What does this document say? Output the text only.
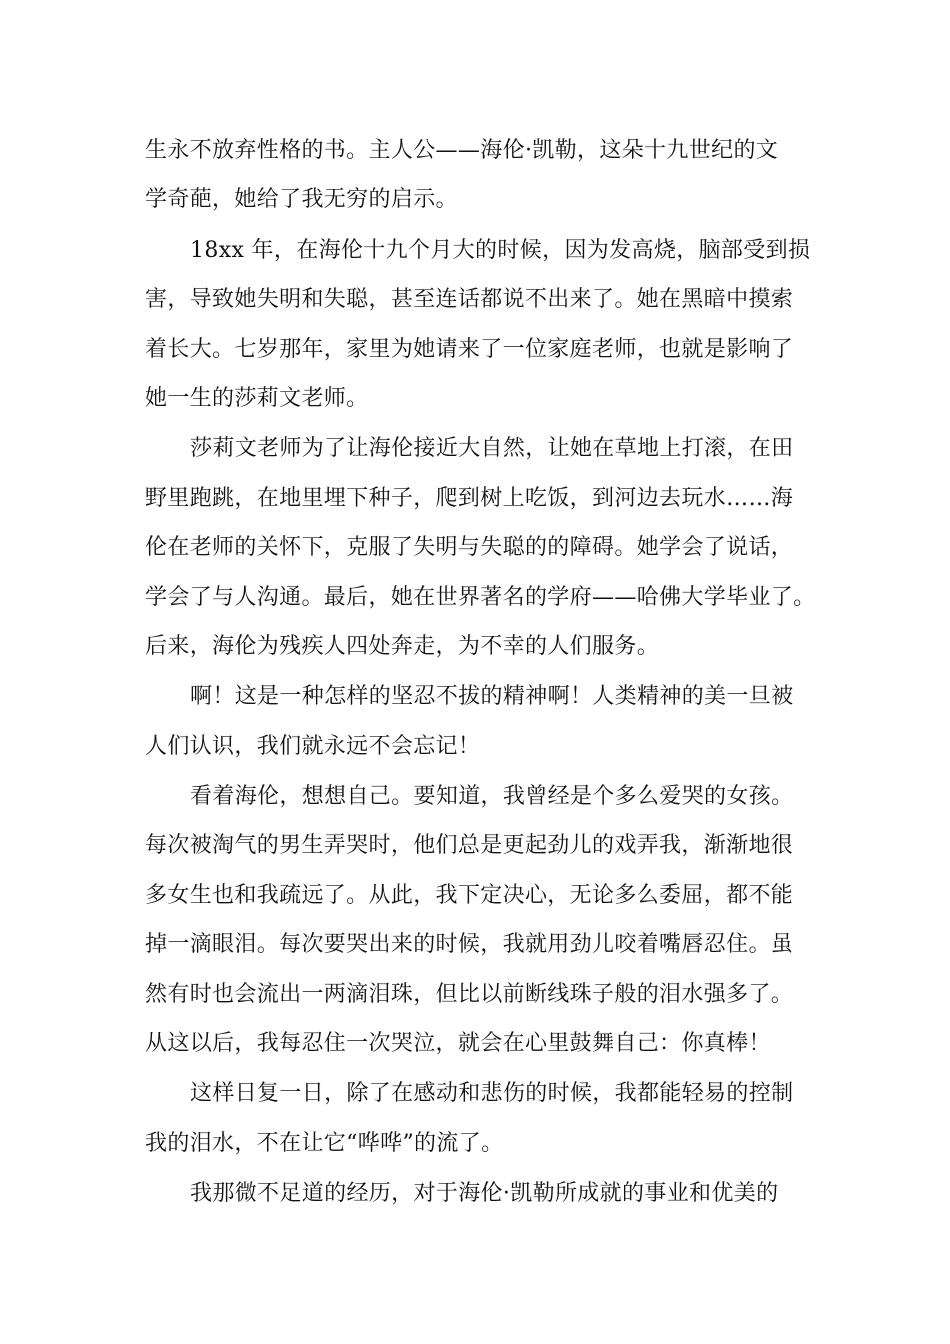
生永不放弃性格的书。主人公——海伦·凯勒，这朵十九世纪的文
学奇葩，她给了我无穷的启示。
18xx 年，在海伦十九个月大的时候，因为发高烧，脑部受到损
害，导致她失明和失聪，甚至连话都说不出来了。她在黑暗中摸索
着长大。七岁那年，家里为她请来了一位家庭老师，也就是影响了
她一生的莎莉文老师。
莎莉文老师为了让海伦接近大自然，让她在草地上打滚，在田
野里跑跳，在地里埋下种子，爬到树上吃饭，到河边去玩水……海
伦在老师的关怀下，克服了失明与失聪的的障碍。她学会了说话，
学会了与人沟通。最后，她在世界著名的学府——哈佛大学毕业了。
后来，海伦为残疾人四处奔走，为不幸的人们服务。
啊！这是一种怎样的坚忍不拔的精神啊！人类精神的美一旦被
人们认识，我们就永远不会忘记！
看着海伦，想想自己。要知道，我曾经是个多么爱哭的女孩。
每次被淘气的男生弄哭时，他们总是更起劲儿的戏弄我，渐渐地很
多女生也和我疏远了。从此，我下定决心，无论多么委屈，都不能
掉一滴眼泪。每次要哭出来的时候，我就用劲儿咬着嘴唇忍住。虽
然有时也会流出一两滴泪珠，但比以前断线珠子般的泪水强多了。
从这以后，我每忍住一次哭泣，就会在心里鼓舞自己：你真棒！
这样日复一日，除了在感动和悲伤的时候，我都能轻易的控制
我的泪水，不在让它“哗哗”的流了。
我那微不足道的经历，对于海伦·凯勒所成就的事业和优美的
